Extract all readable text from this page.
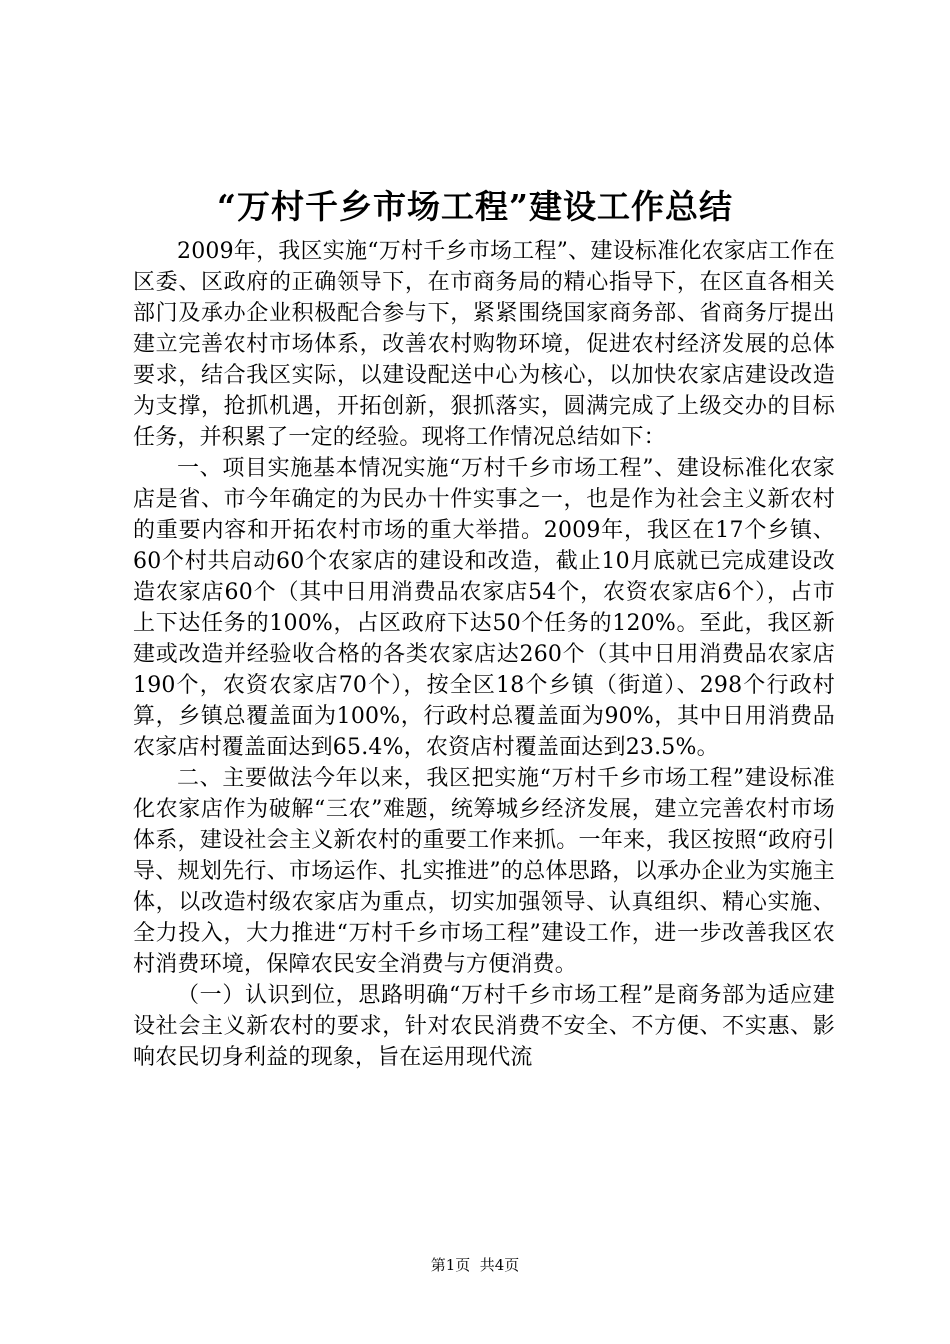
“万村千乡市场工程”建设工作总结

2009年，我区实施“万村千乡市场工程”、建设标准化农家店工作在区委、区政府的正确领导下，在市商务局的精心指导下，在区直各相关部门及承办企业积极配合参与下，紧紧围绕国家商务部、省商务厅提出建立完善农村市场体系，改善农村购物环境，促进农村经济发展的总体要求，结合我区实际，以建设配送中心为核心，以加快农家店建设改造为支撑，抢抓机遇，开拓创新，狠抓落实，圆满完成了上级交办的目标任务，并积累了一定的经验。现将工作情况总结如下：

一、项目实施基本情况实施“万村千乡市场工程”、建设标准化农家店是省、市今年确定的为民办十件实事之一，也是作为社会主义新农村的重要内容和开拓农村市场的重大举措。2009年，我区在17个乡镇、60个村共启动60个农家店的建设和改造，截止10月底就已完成建设改造农家店60个（其中日用消费品农家店54个，农资农家店6个），占市上下达任务的100%，占区政府下达50个任务的120%。至此，我区新建或改造并经验收合格的各类农家店达260个（其中日用消费品农家店190个，农资农家店70个），按全区18个乡镇（街道）、298个行政村算，乡镇总覆盖面为100%，行政村总覆盖面为90%，其中日用消费品农家店村覆盖面达到65.4%，农资店村覆盖面达到23.5%。

二、主要做法今年以来，我区把实施“万村千乡市场工程”建设标准化农家店作为破解“三农”难题，统筹城乡经济发展，建立完善农村市场体系，建设社会主义新农村的重要工作来抓。一年来，我区按照“政府引导、规划先行、市场运作、扎实推进”的总体思路，以承办企业为实施主体，以改造村级农家店为重点，切实加强领导、认真组织、精心实施、全力投入，大力推进“万村千乡市场工程”建设工作，进一步改善我区农村消费环境，保障农民安全消费与方便消费。

（一）认识到位，思路明确“万村千乡市场工程”是商务部为适应建设社会主义新农村的要求，针对农民消费不安全、不方便、不实惠、影响农民切身利益的现象，旨在运用现代流

第1页  共4页
